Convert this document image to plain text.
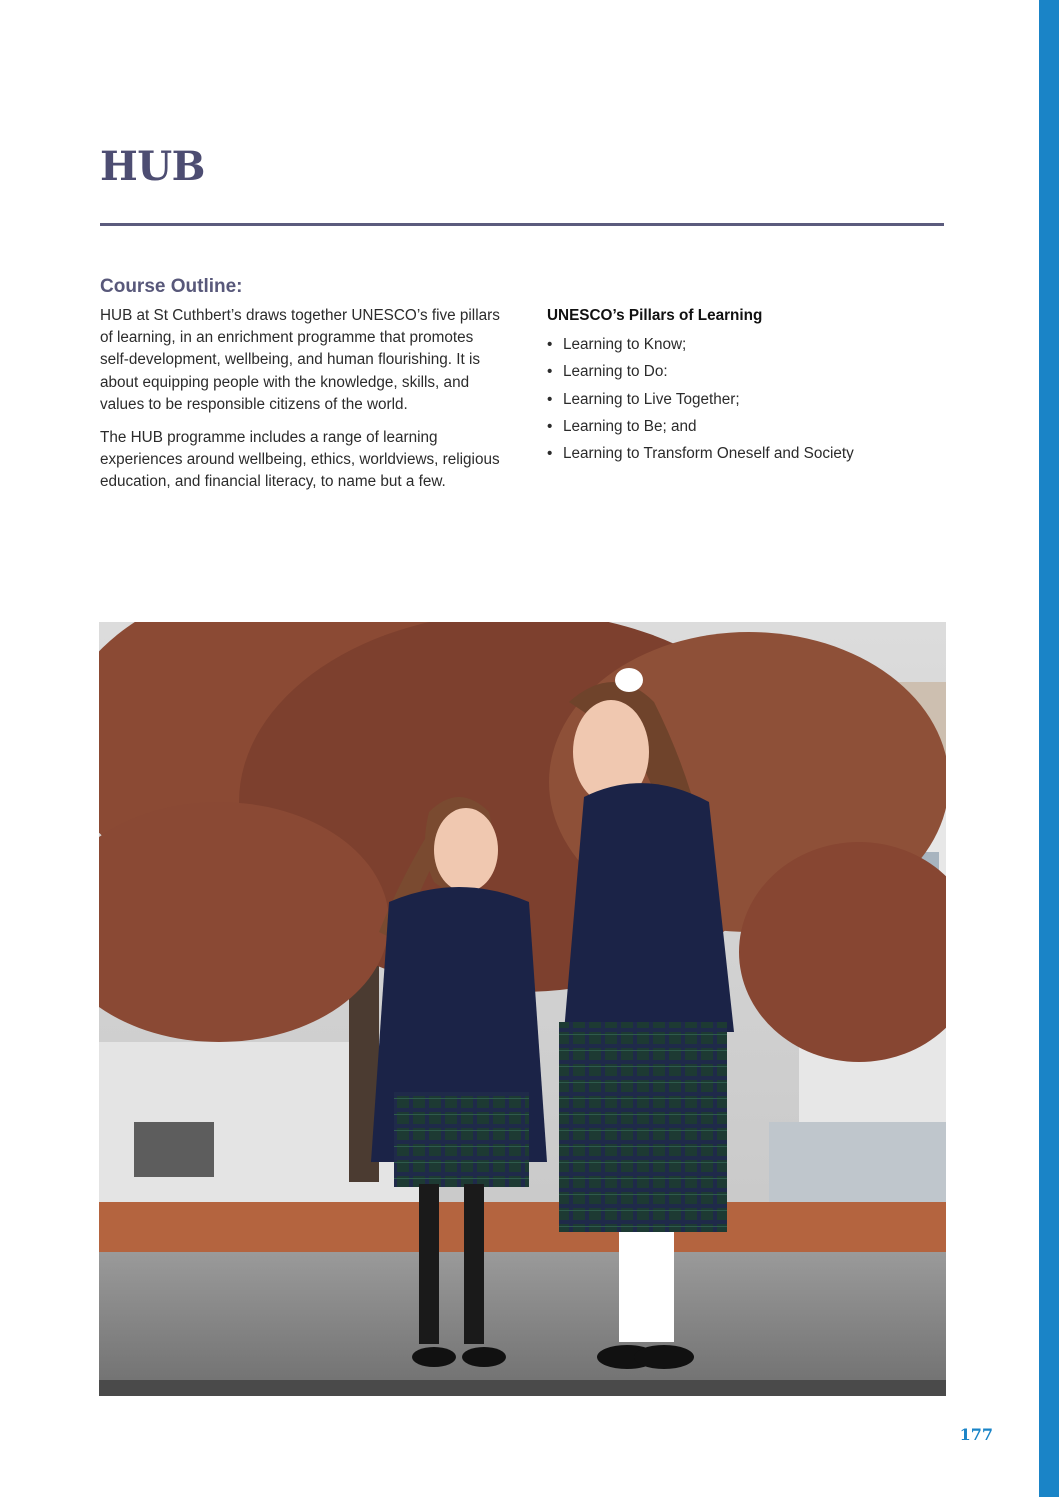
HUB
Course Outline:

HUB at St Cuthbert’s draws together UNESCO’s five pillars of learning, in an enrichment programme that promotes self-development, wellbeing, and human flourishing. It is about equipping people with the knowledge, skills, and values to be responsible citizens of the world.

The HUB programme includes a range of learning experiences around wellbeing, ethics, worldviews, religious education, and financial literacy, to name but a few.

UNESCO’s Pillars of Learning
• Learning to Know;
• Learning to Do:
• Learning to Live Together;
• Learning to Be; and
• Learning to Transform Oneself and Society
177
